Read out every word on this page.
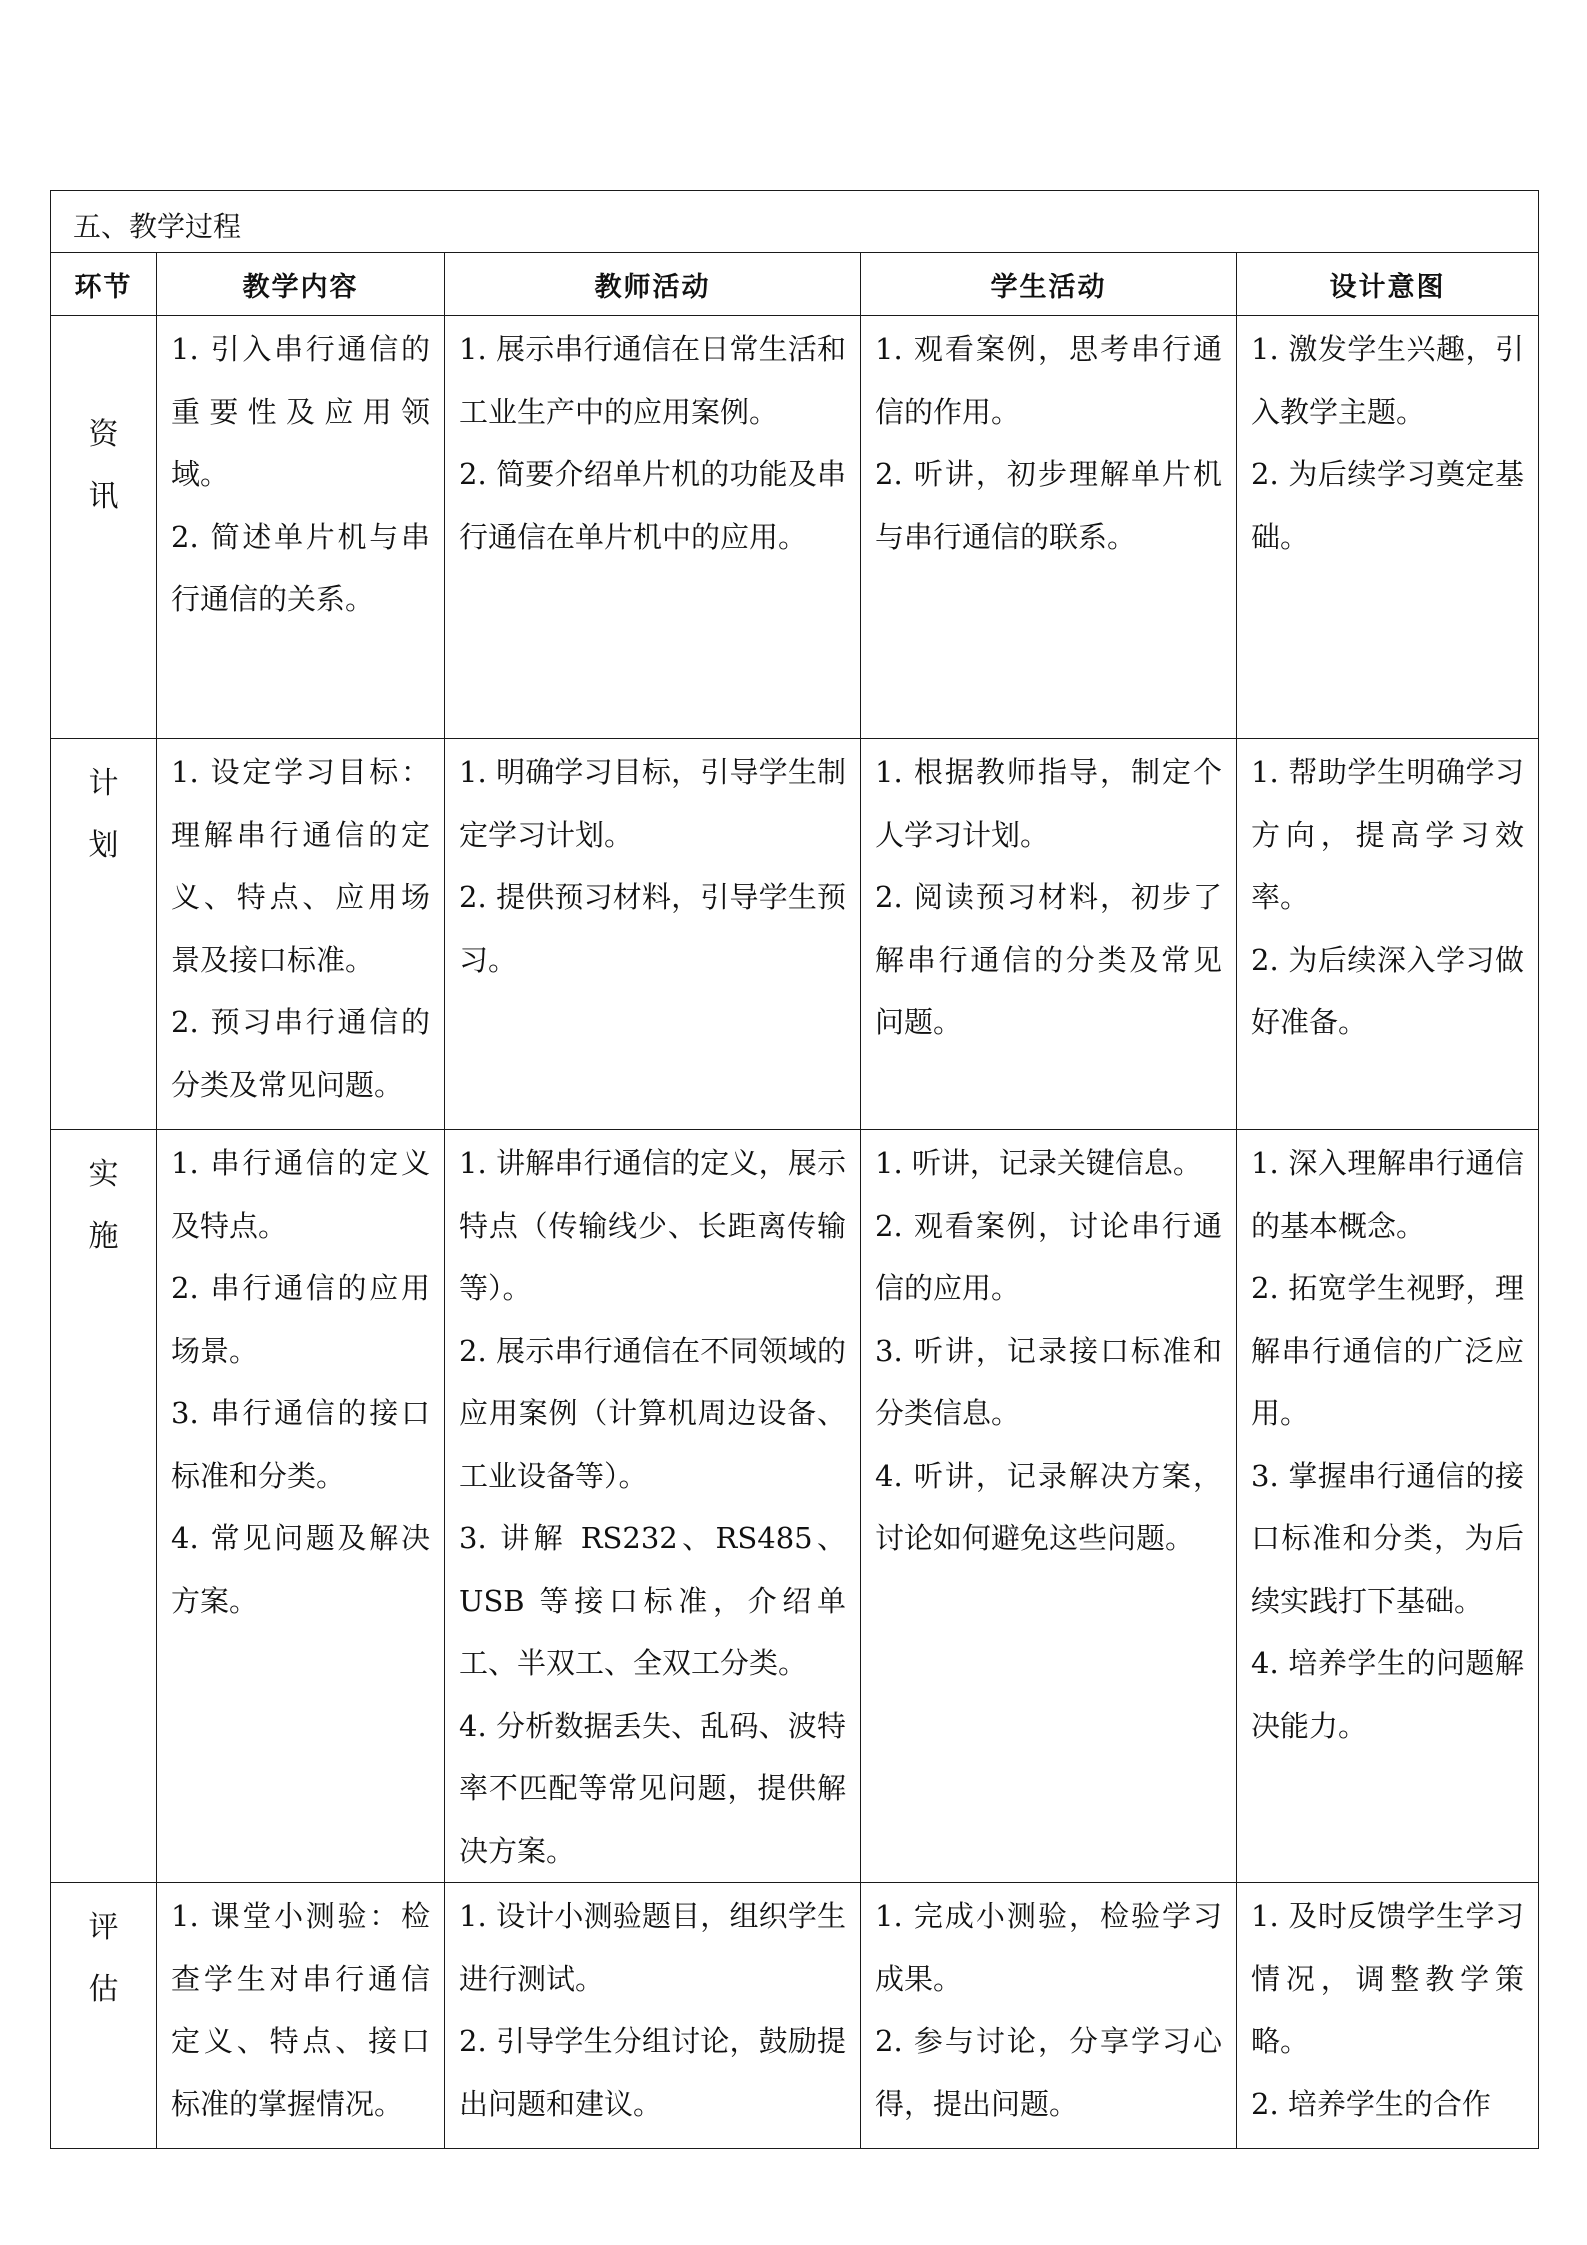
五、教学过程				
环节	教学内容	教师活动	学生活动	设计意图

资
讯	1. 引入串行通信的重要性及应用领域。
2. 简述单片机与串行通信的关系。	1. 展示串行通信在日常生活和工业生产中的应用案例。
2. 简要介绍单片机的功能及串行通信在单片机中的应用。	1. 观看案例，思考串行通信的作用。
2. 听讲，初步理解单片机与串行通信的联系。	1. 激发学生兴趣，引入教学主题。
2. 为后续学习奠定基础。

计
划	1. 设定学习目标：理解串行通信的定义、特点、应用场景及接口标准。
2. 预习串行通信的分类及常见问题。	1. 明确学习目标，引导学生制定学习计划。
2. 提供预习材料，引导学生预习。	1. 根据教师指导，制定个人学习计划。
2. 阅读预习材料，初步了解串行通信的分类及常见问题。	1. 帮助学生明确学习方向，提高学习效率。
2. 为后续深入学习做好准备。

实
施	1. 串行通信的定义及特点。
2. 串行通信的应用场景。
3. 串行通信的接口标准和分类。
4. 常见问题及解决方案。	1. 讲解串行通信的定义，展示特点（传输线少、长距离传输等）。
2. 展示串行通信在不同领域的应用案例（计算机周边设备、工业设备等）。
3. 讲解 RS232、RS485、USB 等接口标准，介绍单工、半双工、全双工分类。
4. 分析数据丢失、乱码、波特率不匹配等常见问题，提供解决方案。	1. 听讲，记录关键信息。
2. 观看案例，讨论串行通信的应用。
3. 听讲，记录接口标准和分类信息。
4. 听讲，记录解决方案，讨论如何避免这些问题。	1. 深入理解串行通信的基本概念。
2. 拓宽学生视野，理解串行通信的广泛应用。
3. 掌握串行通信的接口标准和分类，为后续实践打下基础。
4. 培养学生的问题解决能力。

评
估	1. 课堂小测验：检查学生对串行通信定义、特点、接口标准的掌握情况。	1. 设计小测验题目，组织学生进行测试。
2. 引导学生分组讨论，鼓励提出问题和建议。	1. 完成小测验，检验学习成果。
2. 参与讨论，分享学习心得，提出问题。	1. 及时反馈学生学习情况，调整教学策略。
2. 培养学生的合作
